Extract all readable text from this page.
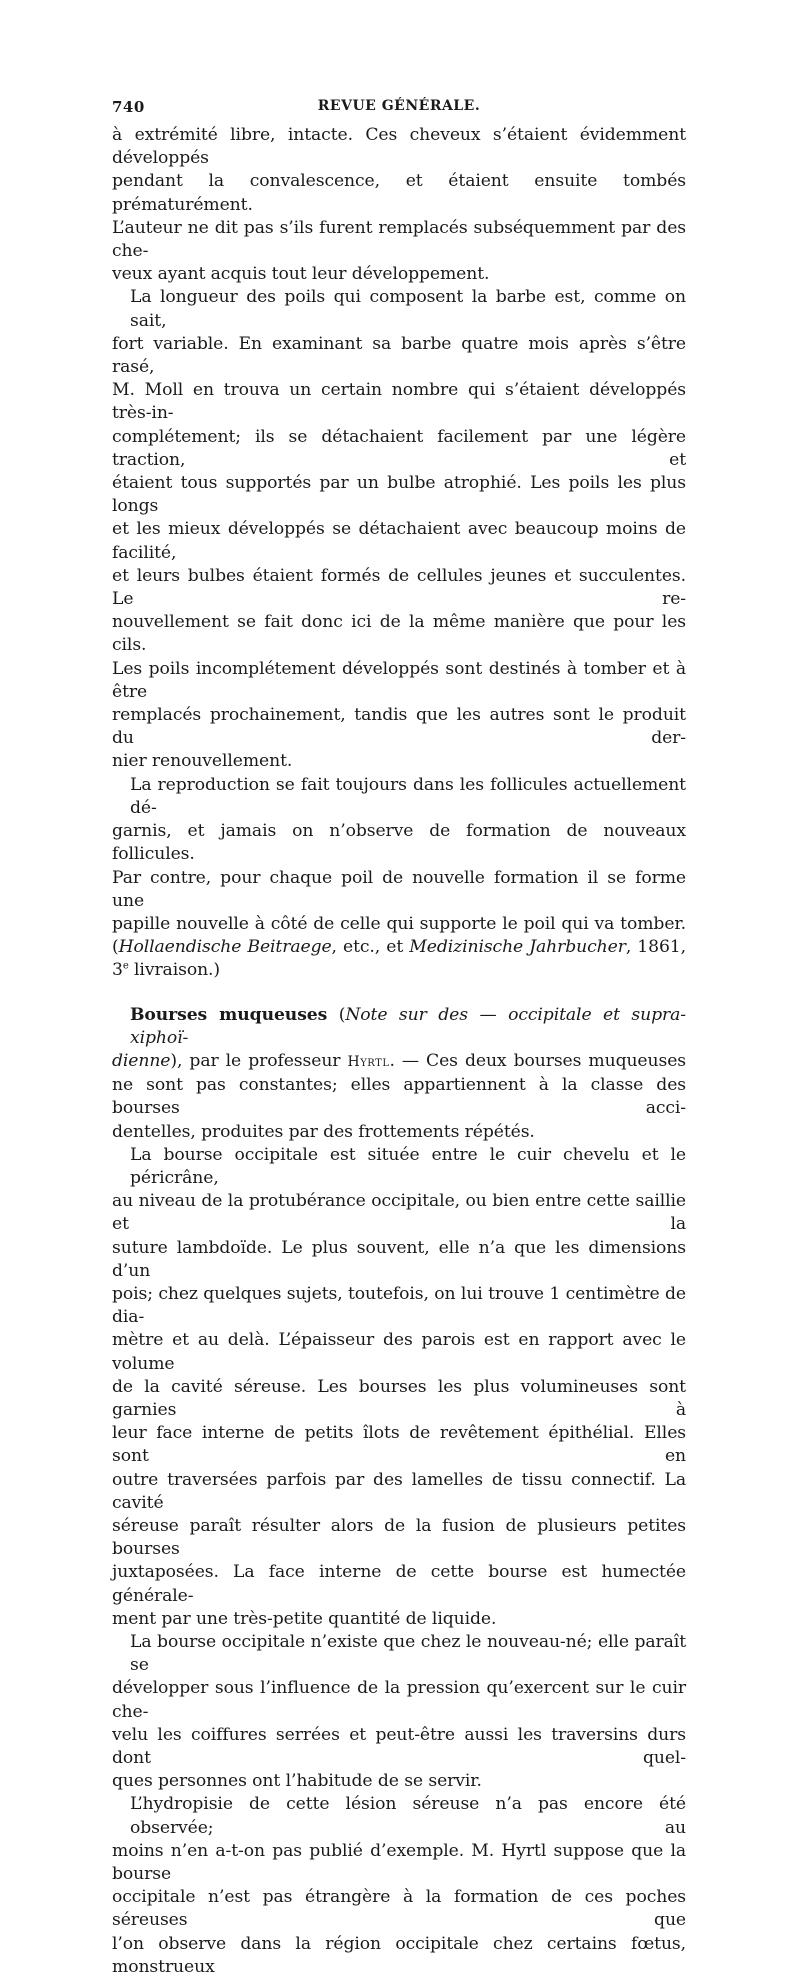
740	REVUE GÉNÉRALE.
à extrémité libre, intacte. Ces cheveux s’étaient évidemment développés
pendant la convalescence, et étaient ensuite tombés prématurément.
L’auteur ne dit pas s’ils furent remplacés subséquemment par des che-
veux ayant acquis tout leur développement.
La longueur des poils qui composent la barbe est, comme on sait,
fort variable. En examinant sa barbe quatre mois après s’être rasé,
M. Moll en trouva un certain nombre qui s’étaient développés très-in-
complétement; ils se détachaient facilement par une légère traction, et
étaient tous supportés par un bulbe atrophié. Les poils les plus longs
et les mieux développés se détachaient avec beaucoup moins de facilité,
et leurs bulbes étaient formés de cellules jeunes et succulentes. Le re-
nouvellement se fait donc ici de la même manière que pour les cils.
Les poils incomplétement développés sont destinés à tomber et à être
remplacés prochainement, tandis que les autres sont le produit du der-
nier renouvellement.
La reproduction se fait toujours dans les follicules actuellement dé-
garnis, et jamais on n’observe de formation de nouveaux follicules.
Par contre, pour chaque poil de nouvelle formation il se forme une
papille nouvelle à côté de celle qui supporte le poil qui va tomber.
(Hollaendische Beitraege, etc., et Medizinische Jahrbucher, 1861,
3e livraison.)
Bourses muqueuses (Note sur des — occipitale et supra-xiphoï-
dienne), par le professeur Hyrtl. — Ces deux bourses muqueuses
ne sont pas constantes; elles appartiennent à la classe des bourses acci-
dentelles, produites par des frottements répétés.
La bourse occipitale est située entre le cuir chevelu et le péricrâne,
au niveau de la protubérance occipitale, ou bien entre cette saillie et la
suture lambdoïde. Le plus souvent, elle n’a que les dimensions d’un
pois; chez quelques sujets, toutefois, on lui trouve 1 centimètre de dia-
mètre et au delà. L’épaisseur des parois est en rapport avec le volume
de la cavité séreuse. Les bourses les plus volumineuses sont garnies à
leur face interne de petits îlots de revêtement épithélial. Elles sont en
outre traversées parfois par des lamelles de tissu connectif. La cavité
séreuse paraît résulter alors de la fusion de plusieurs petites bourses
juxtaposées. La face interne de cette bourse est humectée générale-
ment par une très-petite quantité de liquide.
La bourse occipitale n’existe que chez le nouveau-né; elle paraît se
développer sous l’influence de la pression qu’exercent sur le cuir che-
velu les coiffures serrées et peut-être aussi les traversins durs dont quel-
ques personnes ont l’habitude de se servir.
L’hydropisie de cette lésion séreuse n’a pas encore été observée; au
moins n’en a-t-on pas publié d’exemple. M. Hyrtl suppose que la bourse
occipitale n’est pas étrangère à la formation de ces poches séreuses que
l’on observe dans la région occipitale chez certains fœtus, monstrueux
